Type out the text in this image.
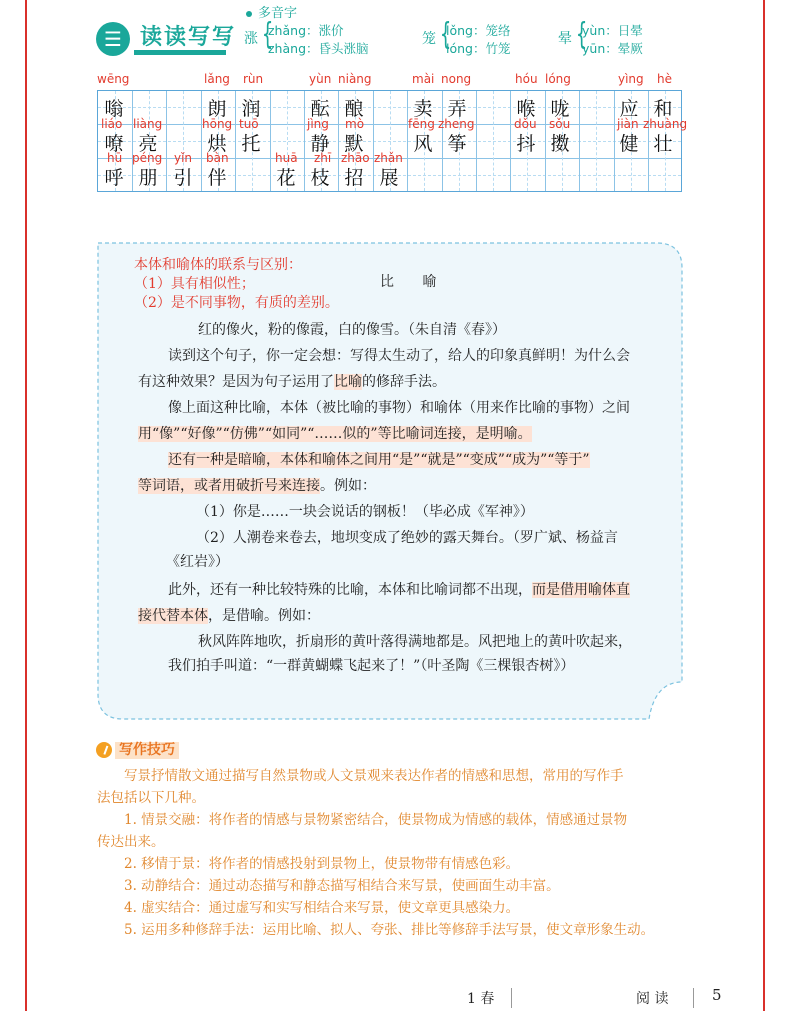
☰ 读读写写
多音字
涨 {
zhǎng：涨价
zhàng：昏头涨脑
笼 {
lǒng：笼络
lóng：竹笼
晕 {
yùn：日晕
yūn：晕厥
wēng	lǎng rùn	yùn niàng	mài nong	hóu lóng	yìng hè
嗡	朗 润	酝 酿	卖 弄	喉 咙	应 和
liáo liàng	hōng tuō	jìng mò	fēng zheng	dǒu sǒu	jiàn zhuàng
嘹 亮	烘 托	静 默	风 筝	抖 擞	健 壮
hū péng yǐn bàn	huā zhī zhāo zhǎn
呼 朋 引 伴	花 枝 招 展
本体和喻体的联系与区别：
（1）具有相似性；
（2）是不同事物，有质的差别。
比 喻
红的像火，粉的像霞，白的像雪。（朱自清《春》）
读到这个句子，你一定会想：写得太生动了，给人的印象真鲜明！为什么会
有这种效果？是因为句子运用了比喻的修辞手法。
像上面这种比喻，本体（被比喻的事物）和喻体（用来作比喻的事物）之间
用“像”“好像”“仿佛”“如同”“……似的”等比喻词连接，是明喻。
还有一种是暗喻，本体和喻体之间用“是”“就是”“变成”“成为”“等于”
等词语，或者用破折号来连接。例如：
（1）你是……一块会说话的钢板！（毕必成《军神》）
（2）人潮卷来卷去，地坝变成了绝妙的露天舞台。（罗广斌、杨益言
《红岩》）
此外，还有一种比较特殊的比喻，本体和比喻词都不出现，而是借用喻体直
接代替本体，是借喻。例如：
秋风阵阵地吹，折扇形的黄叶落得满地都是。风把地上的黄叶吹起来，
我们拍手叫道：“一群黄蝴蝶飞起来了！”（叶圣陶《三棵银杏树》）
写作技巧
写景抒情散文通过描写自然景物或人文景观来表达作者的情感和思想，常用的写作手
法包括以下几种。
1. 情景交融：将作者的情感与景物紧密结合，使景物成为情感的载体，情感通过景物
传达出来。
2. 移情于景：将作者的情感投射到景物上，使景物带有情感色彩。
3. 动静结合：通过动态描写和静态描写相结合来写景，使画面生动丰富。
4. 虚实结合：通过虚写和实写相结合来写景，使文章更具感染力。
5. 运用多种修辞手法：运用比喻、拟人、夸张、排比等修辞手法写景，使文章形象生动。
1 春	阅 读	5
